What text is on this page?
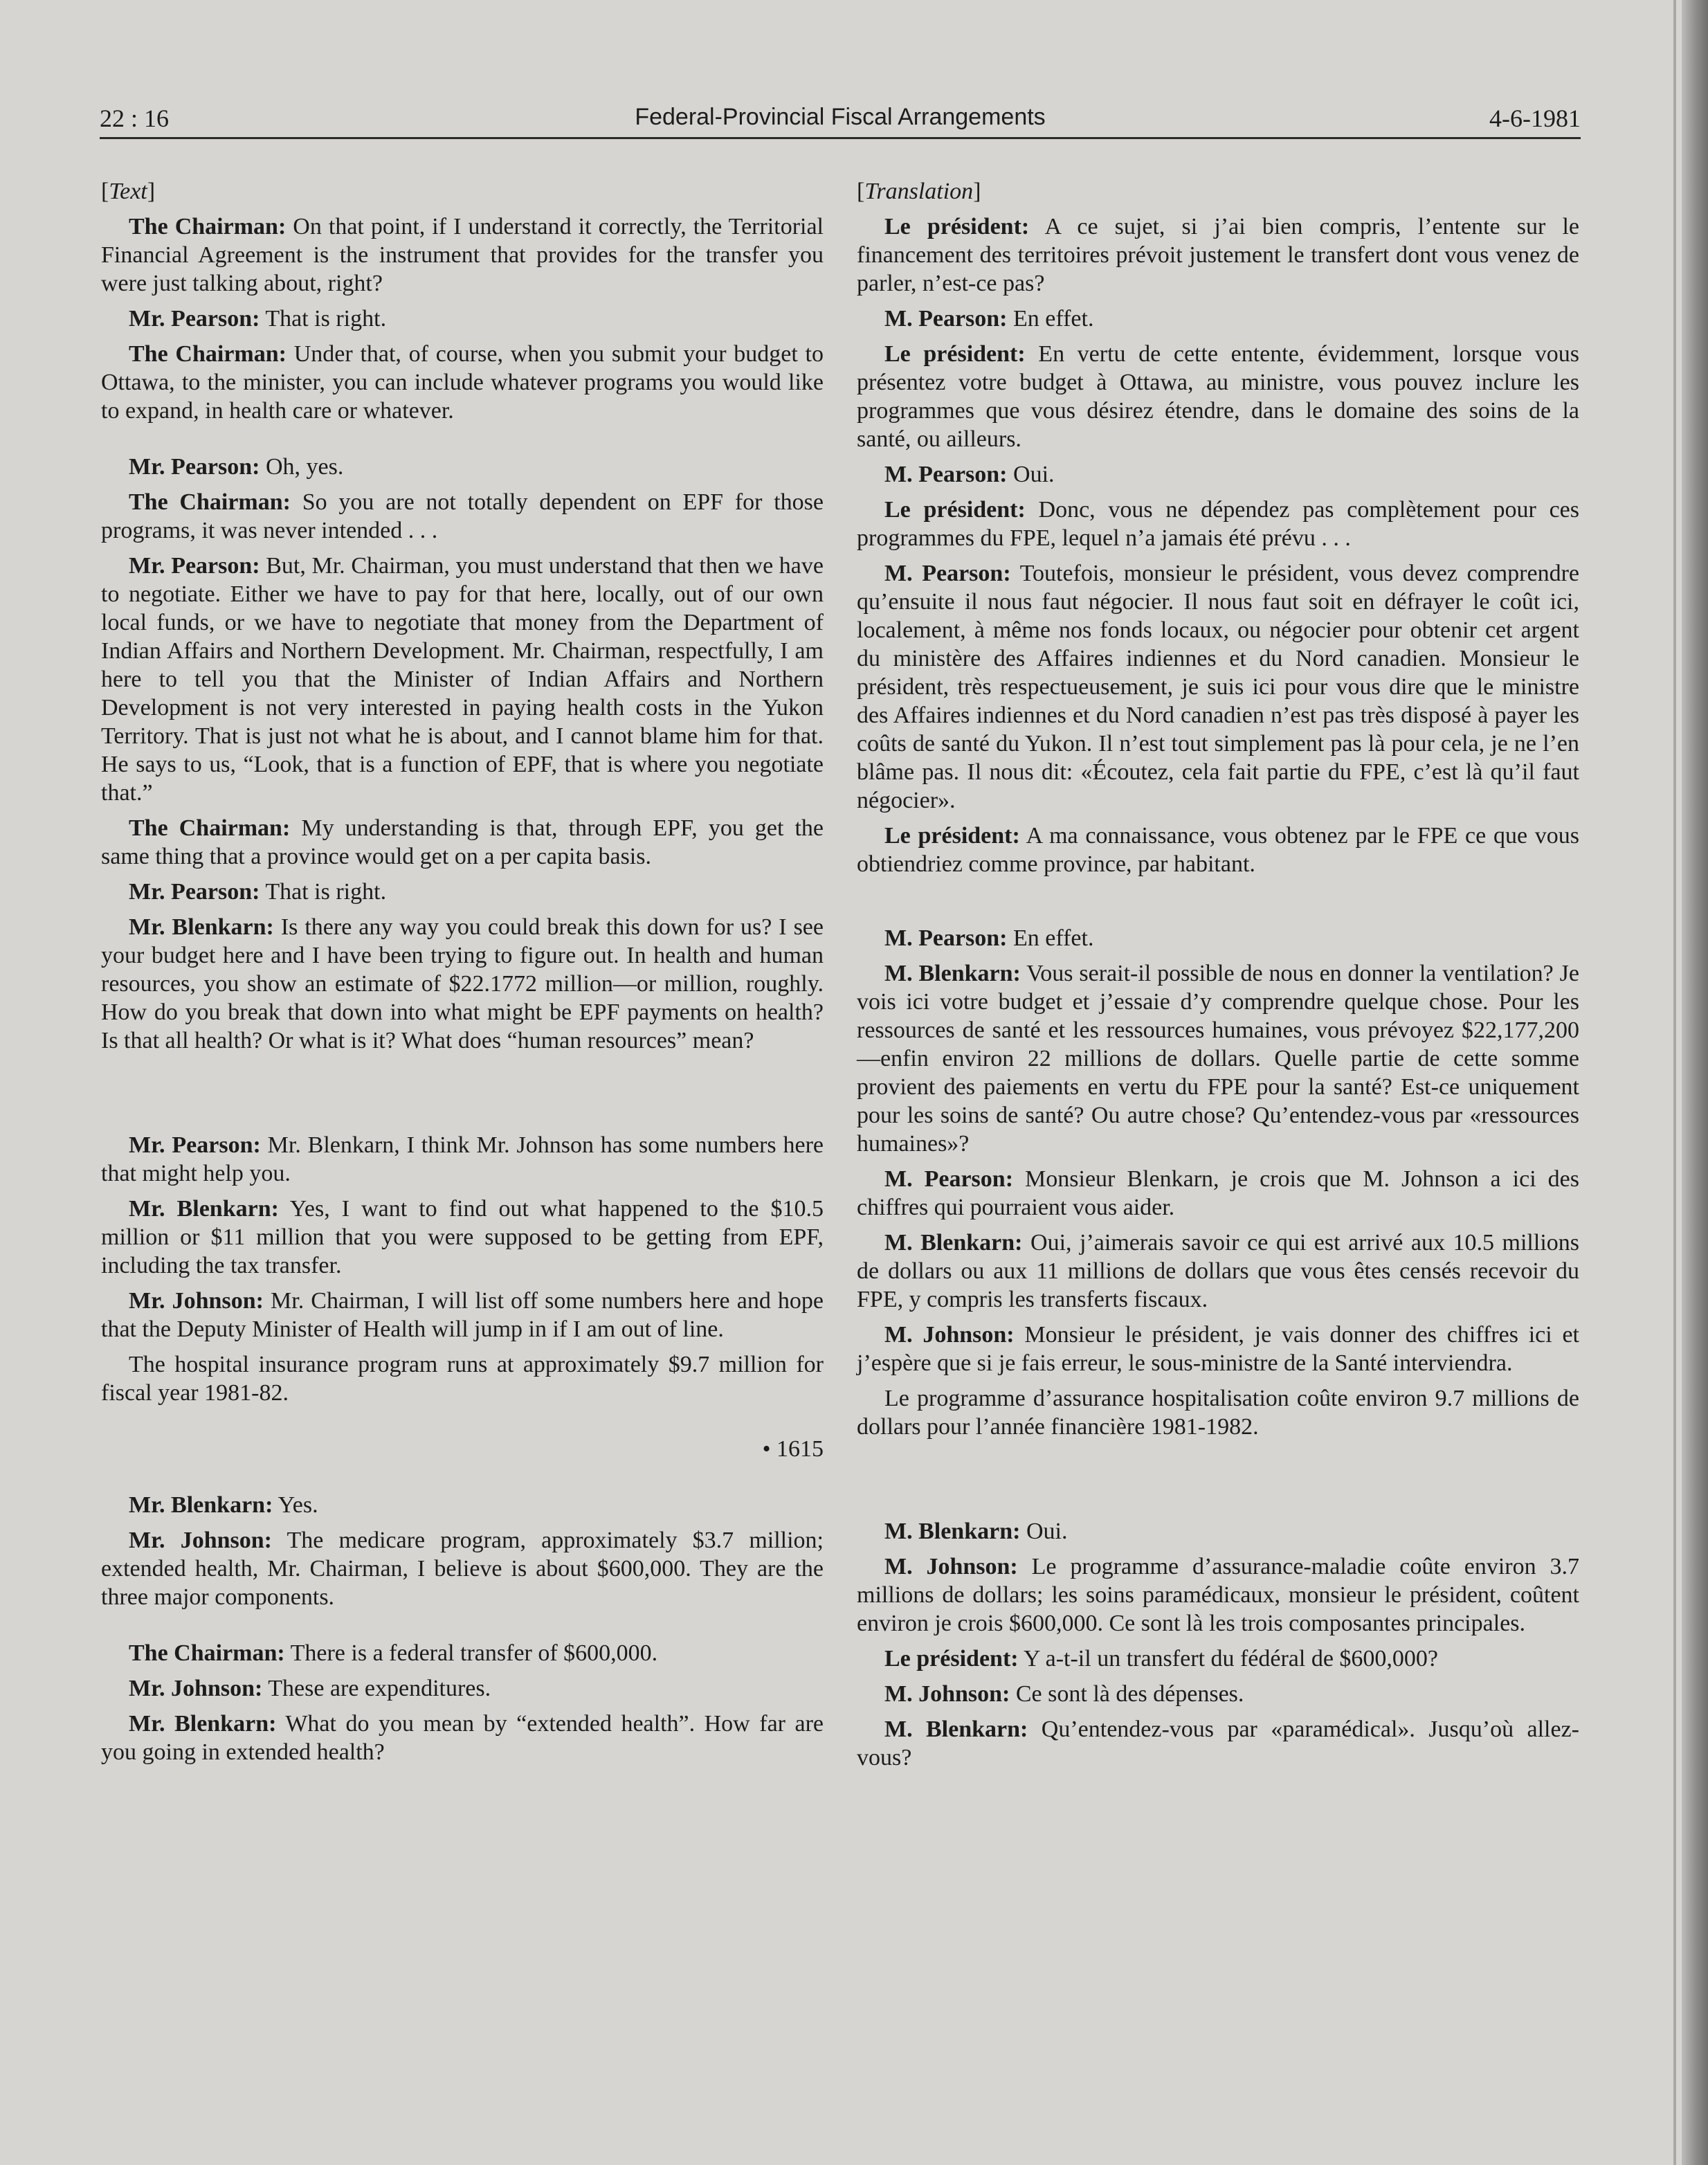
22 : 16	Federal-Provincial Fiscal Arrangements	4-6-1981
[Text]

The Chairman: On that point, if I understand it correctly, the Territorial Financial Agreement is the instrument that provides for the transfer you were just talking about, right?

Mr. Pearson: That is right.

The Chairman: Under that, of course, when you submit your budget to Ottawa, to the minister, you can include whatever programs you would like to expand, in health care or whatever.

Mr. Pearson: Oh, yes.

The Chairman: So you are not totally dependent on EPF for those programs, it was never intended . . .

Mr. Pearson: But, Mr. Chairman, you must understand that then we have to negotiate. Either we have to pay for that here, locally, out of our own local funds, or we have to negotiate that money from the Department of Indian Affairs and Northern Development. Mr. Chairman, respectfully, I am here to tell you that the Minister of Indian Affairs and Northern Development is not very interested in paying health costs in the Yukon Territory. That is just not what he is about, and I cannot blame him for that. He says to us, “Look, that is a function of EPF, that is where you negotiate that.”

The Chairman: My understanding is that, through EPF, you get the same thing that a province would get on a per capita basis.

Mr. Pearson: That is right.

Mr. Blenkarn: Is there any way you could break this down for us? I see your budget here and I have been trying to figure out. In health and human resources, you show an estimate of $22.1772 million—or million, roughly. How do you break that down into what might be EPF payments on health? Is that all health? Or what is it? What does “human resources” mean?

Mr. Pearson: Mr. Blenkarn, I think Mr. Johnson has some numbers here that might help you.

Mr. Blenkarn: Yes, I want to find out what happened to the $10.5 million or $11 million that you were supposed to be getting from EPF, including the tax transfer.

Mr. Johnson: Mr. Chairman, I will list off some numbers here and hope that the Deputy Minister of Health will jump in if I am out of line.

The hospital insurance program runs at approximately $9.7 million for fiscal year 1981-82.

• 1615

Mr. Blenkarn: Yes.

Mr. Johnson: The medicare program, approximately $3.7 million; extended health, Mr. Chairman, I believe is about $600,000. They are the three major components.

The Chairman: There is a federal transfer of $600,000.

Mr. Johnson: These are expenditures.

Mr. Blenkarn: What do you mean by “extended health”. How far are you going in extended health?

[Translation]

Le président: A ce sujet, si j’ai bien compris, l’entente sur le financement des territoires prévoit justement le transfert dont vous venez de parler, n’est-ce pas?

M. Pearson: En effet.

Le président: En vertu de cette entente, évidemment, lorsque vous présentez votre budget à Ottawa, au ministre, vous pouvez inclure les programmes que vous désirez étendre, dans le domaine des soins de la santé, ou ailleurs.

M. Pearson: Oui.

Le président: Donc, vous ne dépendez pas complètement pour ces programmes du FPE, lequel n’a jamais été prévu . . .

M. Pearson: Toutefois, monsieur le président, vous devez comprendre qu’ensuite il nous faut négocier. Il nous faut soit en défrayer le coût ici, localement, à même nos fonds locaux, ou négocier pour obtenir cet argent du ministère des Affaires indiennes et du Nord canadien. Monsieur le président, très respectueusement, je suis ici pour vous dire que le ministre des Affaires indiennes et du Nord canadien n’est pas très disposé à payer les coûts de santé du Yukon. Il n’est tout simplement pas là pour cela, je ne l’en blâme pas. Il nous dit: «Écoutez, cela fait partie du FPE, c’est là qu’il faut négocier».

Le président: A ma connaissance, vous obtenez par le FPE ce que vous obtiendriez comme province, par habitant.

M. Pearson: En effet.

M. Blenkarn: Vous serait-il possible de nous en donner la ventilation? Je vois ici votre budget et j’essaie d’y comprendre quelque chose. Pour les ressources de santé et les ressources humaines, vous prévoyez $22,177,200—enfin environ 22 millions de dollars. Quelle partie de cette somme provient des paiements en vertu du FPE pour la santé? Est-ce uniquement pour les soins de santé? Ou autre chose? Qu’entendez-vous par «ressources humaines»?

M. Pearson: Monsieur Blenkarn, je crois que M. Johnson a ici des chiffres qui pourraient vous aider.

M. Blenkarn: Oui, j’aimerais savoir ce qui est arrivé aux 10.5 millions de dollars ou aux 11 millions de dollars que vous êtes censés recevoir du FPE, y compris les transferts fiscaux.

M. Johnson: Monsieur le président, je vais donner des chiffres ici et j’espère que si je fais erreur, le sous-ministre de la Santé interviendra.

Le programme d’assurance hospitalisation coûte environ 9.7 millions de dollars pour l’année financière 1981-1982.

M. Blenkarn: Oui.

M. Johnson: Le programme d’assurance-maladie coûte environ 3.7 millions de dollars; les soins paramédicaux, monsieur le président, coûtent environ je crois $600,000. Ce sont là les trois composantes principales.

Le président: Y a-t-il un transfert du fédéral de $600,000?

M. Johnson: Ce sont là des dépenses.

M. Blenkarn: Qu’entendez-vous par «paramédical». Jusqu’où allez-vous?
